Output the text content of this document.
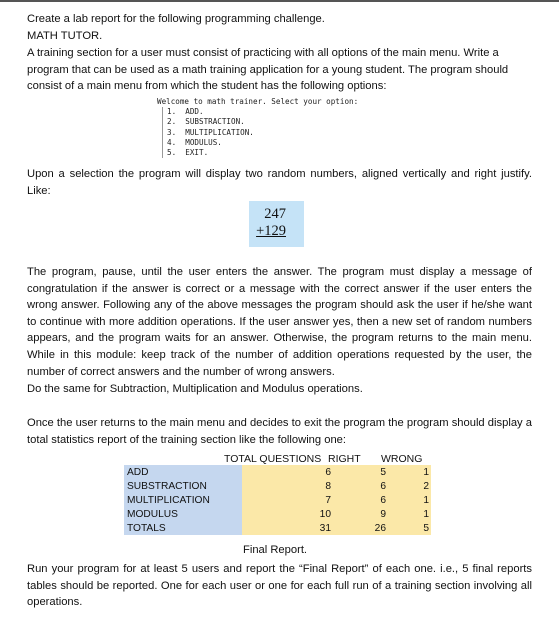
Create a lab report for the following programming challenge.

MATH TUTOR.

A training section for a user must consist of practicing with all options of the main menu. Write a program that can be used as a math training application for a young student. The program should consist of a main menu from which the student has the following options:

Welcome to math trainer. Select your option:
1.  ADD.
2.  SUBSTRACTION.
3.  MULTIPLICATION.
4.  MODULUS.
5.  EXIT.

Upon a selection the program will display two random numbers, aligned vertically and right justify. Like:

247
+129

The program, pause, until the user enters the answer. The program must display a message of congratulation if the answer is correct or a message with the correct answer if the user enters the wrong answer. Following any of the above messages the program should ask the user if he/she want to continue with more addition operations. If the user answer yes, then a new set of random numbers appears, and the program waits for an answer. Otherwise, the program returns to the main menu. While in this module: keep track of the number of addition operations requested by the user, the number of correct answers and the number of wrong answers.

Do the same for Subtraction, Multiplication and Modulus operations.

Once the user returns to the main menu and decides to exit the program the program should display a total statistics report of the training section like the following one:

TOTAL QUESTIONS RIGHT WRONG
ADD	6	5	1
SUBSTRACTION	8	6	2
MULTIPLICATION	7	6	1
MODULUS	10	9	1
TOTALS	31	26	5
Final Report.

Run your program for at least 5 users and report the “Final Report” of each one. i.e., 5 final reports tables should be reported. One for each user or one for each full run of a training section involving all operations.
